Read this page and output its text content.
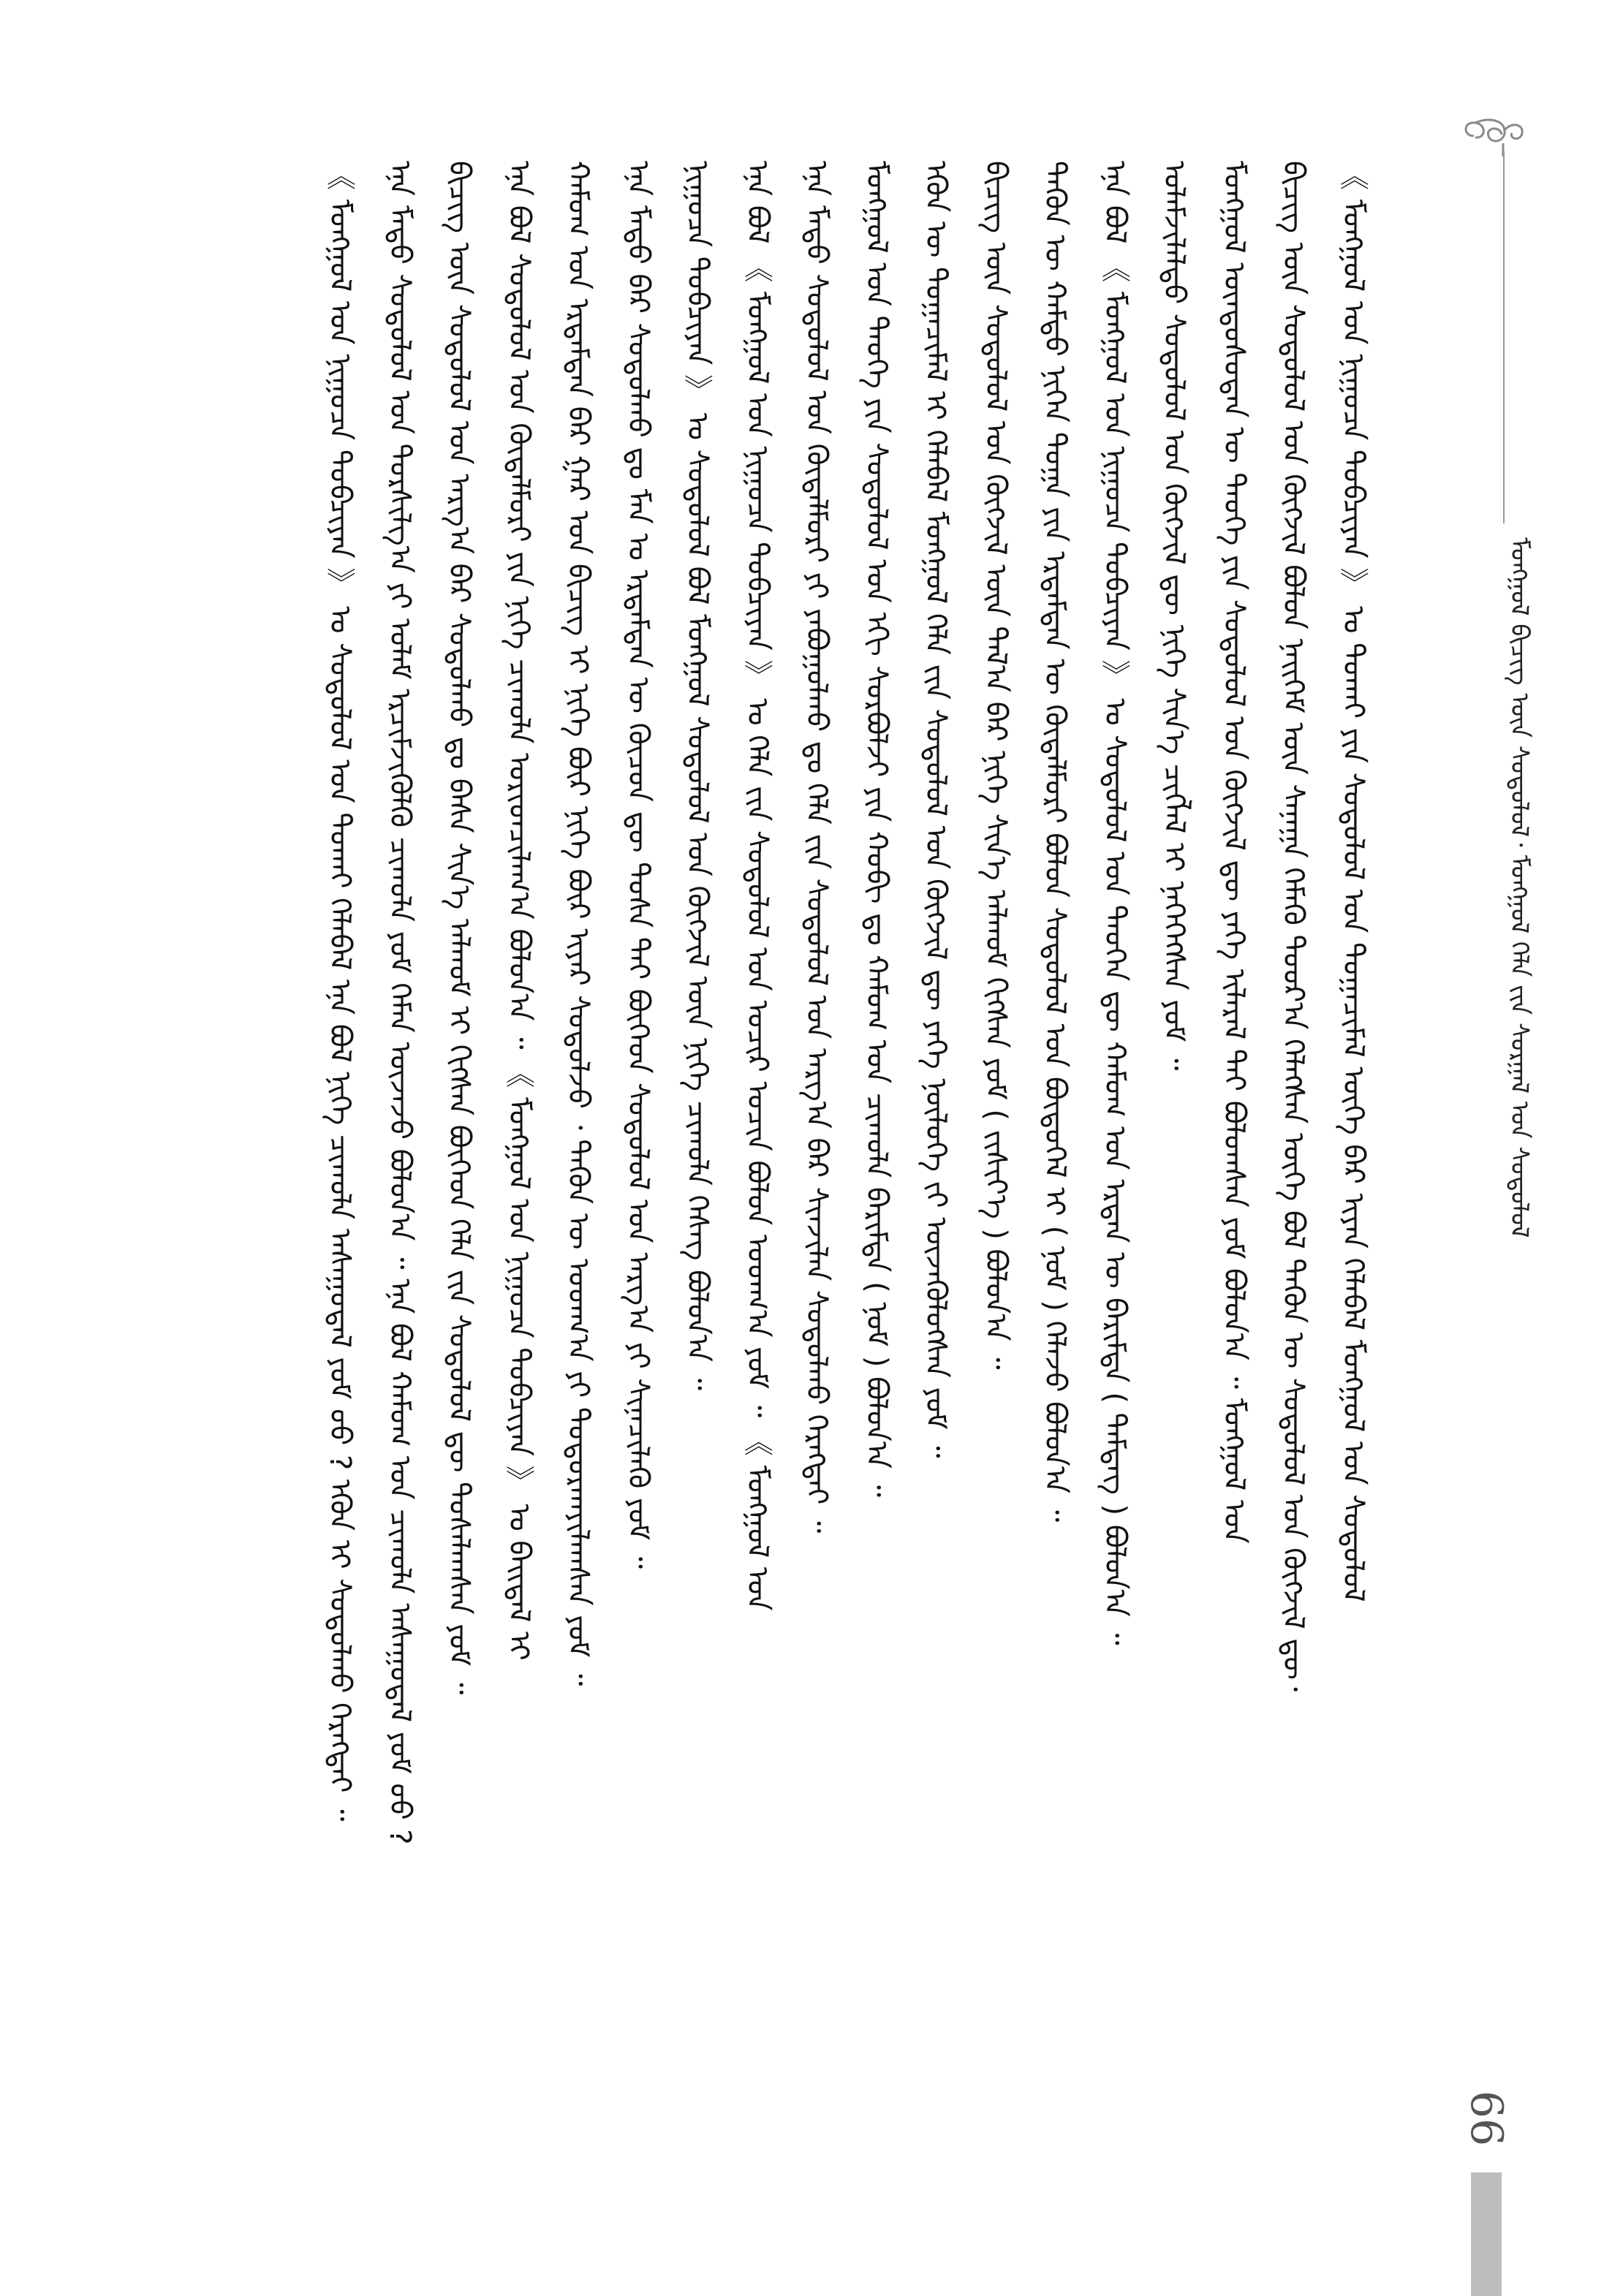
ᠮᠣᠩᠭᠣᠯ ᠪᠢᠴᠢᠭ ᠦᠨ ᠰᠤᠳᠤᠯᠤᠯ᠂ ᠮᠣᠩᠭᠣᠯ ᠬᠡᠯᠡ ᠵᠢᠨ ᠰᠤᠷᠭᠠᠯ ᠤᠨ ᠰᠤᠳᠤᠯᠤᠯ
《 ᠮᠣᠩᠭᠣᠯ ᠤᠨ ᠨᠢᠭᠤᠴᠠ ᠲᠣᠪᠴᠢᠶᠠᠨ 》 ᠤ ᠲᠤᠬᠠᠢ ᠶᠢᠨ ᠰᠤᠳᠤᠯᠤᠯ ᠤᠨ ᠲᠣᠭᠠᠴᠢᠮᠠᠯ ᠦᠭᠡ ᠪᠡᠷ ᠢᠶᠡᠨ ᠬᠡᠯᠡᠪᠡᠯ ᠮᠣᠩᠭᠣᠯ ᠤᠨ ᠰᠤᠳᠤᠯᠤᠯ
ᠪᠢᠴᠢᠭ ᠦᠨ ᠰᠤᠳᠤᠯᠤᠯ ᠤᠨ ᠬᠥᠭᠵᠢᠯ ᠪᠣᠯᠤᠨ ᠨᠡᠢᠭᠡᠮ ᠦᠨ ᠰᠠᠨᠠᠭᠠ ᠬᠡᠮᠡᠬᠦ ᠳᠣᠣᠷ᠎ᠠ ᠬᠡᠯᠡᠭᠰᠡᠨ ᠦᠭᠡ ᠪᠣᠯ ᠲᠡᠭᠦᠨ ᠦ ᠰᠤᠳᠤᠯᠤᠯ ᠤᠨ ᠬᠥᠭᠵᠢᠯ ᠳᠦ᠂
ᠮᠣᠩᠭᠣᠯ ᠦᠨᠳᠦᠰᠦᠲᠡᠨ ᠦ ᠲᠡᠦᠬᠡ ᠶᠢᠨ ᠰᠤᠳᠤᠯᠤᠯ ᠤᠨ ᠬᠥᠭᠵᠢᠯ ᠳᠦ ᠶᠡᠬᠡ ᠢᠯᠡᠷᠡᠯ ᠲᠡᠢ ᠪᠣᠯᠤᠭᠰᠠᠨ ᠶᠤᠮ ᠪᠣᠯᠤᠨ᠎ᠠ ᠃ ᠮᠣᠩᠭᠣᠯ ᠤᠨ
ᠤᠯᠠᠮᠵᠢᠯᠠᠯᠲᠤ ᠰᠤᠳᠤᠯᠤᠯ ᠤᠨ ᠬᠥᠭᠵᠢᠯ ᠳᠦ ᠨᠢᠭᠡ ᠰᠢᠨ᠎ᠡ ᠴᠢᠭᠯᠡᠯ ᠢ ᠨᠡᠭᠡᠭᠡᠭᠰᠡᠨ ᠶᠤᠮ ᠃
ᠡᠨᠡ ᠪᠣᠯ 《 ᠮᠣᠩᠭᠣᠯ ᠤᠨ ᠨᠢᠭᠤᠴᠠ ᠲᠣᠪᠴᠢᠶᠠᠨ 》 ᠤ ᠰᠤᠳᠤᠯᠤᠯ ᠤᠨ ᠲᠡᠦᠬᠡᠨ ᠳᠦ ᠬᠠᠮᠤᠭ ᠤᠨ ᠡᠷᠲᠡᠨ ᠦ ᠪᠠᠷᠢᠮᠲᠠ ( ᠲᠡᠮᠳᠡᠭ ) ᠪᠣᠯᠤᠨ᠎ᠠ ᠃
ᠲᠡᠭᠦᠨ ᠦ ᠬᠠᠮᠲᠤ ᠨᠢᠭᠡᠨ ᠲᠣᠭᠠ ᠶᠢᠨ ᠡᠷᠳᠡᠮᠳᠡᠨ ᠦ ᠬᠥᠳᠡᠯᠮᠦᠷᠢ ᠪᠣᠯᠤᠨ ᠰᠤᠳᠤᠯᠤᠯ ᠤᠨ ᠪᠦᠲᠦᠭᠡᠯ ᠢ ( ᠨᠣᠮ ) ᠬᠡᠯᠡᠵᠦ ᠪᠣᠯᠤᠨ᠎ᠠ ᠃
ᠪᠢᠴᠢᠭ ᠦᠨ ᠰᠤᠳᠤᠯᠤᠯ ᠤᠨ ᠬᠥᠭᠵᠢᠯ ᠦᠨ ᠲᠠᠯ᠎ᠠ ᠪᠠᠷ ᠨᠢᠭᠡ ᠰᠢᠨ᠎ᠡ ᠠᠯᠬᠤᠮ ᠬᠢᠭᠰᠡᠨ ᠶᠤᠮ ( ᠵᠢᠱᠢᠶ᠎ᠡ ) ᠪᠣᠯᠤᠨ᠎ᠠ ᠃
ᠡᠭᠦᠨ ᠦ ᠲᠣᠭᠠᠴᠢᠮᠠᠯ ᠢ ᠬᠡᠯᠡᠪᠡᠯ ᠮᠣᠩᠭᠣᠯ ᠬᠡᠯᠡ ᠵᠢᠨ ᠰᠤᠳᠤᠯᠤᠯ ᠤᠨ ᠬᠥᠭᠵᠢᠯ ᠳᠦ ᠶᠡᠬᠡ ᠨᠥᠯᠦᠭᠡ ᠵᠢ ᠦᠵᠡᠭᠦᠯᠦᠭᠰᠡᠨ ᠶᠤᠮ ᠃
ᠮᠣᠩᠭᠣᠯ ᠤᠨ ᠲᠡᠦᠬᠡ ᠶᠢᠨ ᠰᠤᠳᠤᠯᠤᠯ ᠤᠨ ᠡᠬᠢ ᠰᠤᠷᠪᠤᠯᠵᠢ ᠶᠢᠨ ᠬᠤᠪᠢ ᠳᠤ ᠬᠠᠮᠤᠭ ᠤᠨ ᠴᠢᠬᠤᠯᠠ ᠪᠠᠷᠢᠮᠲᠠ ( ᠨᠣᠮ ) ᠪᠣᠯᠤᠨ᠎ᠠ ᠃
ᠡᠨᠡ ᠮᠡᠲᠦ ᠰᠤᠳᠤᠯᠤᠯ ᠤᠨ ᠬᠥᠳᠡᠯᠮᠦᠷᠢ ᠶᠢ ᠶᠠᠪᠤᠭᠤᠯᠬᠤ ᠳᠤ ᠬᠡᠯᠡ ᠵᠢᠨ ᠰᠤᠳᠤᠯᠤᠯ ᠤᠨ ᠠᠷᠭ᠎ᠠ ᠪᠠᠷ ᠰᠢᠨᠵᠢᠯᠡᠨ ᠰᠤᠳᠤᠯᠬᠤ ᠬᠡᠷᠡᠭᠲᠡᠢ ᠃
ᠡᠨᠡ ᠪᠣᠯ 《 ᠮᠣᠩᠭᠣᠯ ᠤᠨ ᠨᠢᠭᠤᠴᠠ ᠲᠣᠪᠴᠢᠶᠠᠨ 》 ᠤ ᠬᠡᠯᠡ ᠵᠢᠨ ᠰᠤᠳᠤᠯᠤᠯ ᠤᠨ ᠤᠴᠢᠷ ᠤᠴᠢᠨ ᠪᠣᠯᠤᠨ ᠤᠳᠬ᠎ᠠ ᠶᠤᠮ ᠃ 《 ᠮᠣᠩᠭᠣᠯ ᠤᠨ
ᠨᠢᠭᠤᠴᠠ ᠲᠣᠪᠴᠢᠶᠠᠨ 》 ᠤ ᠰᠤᠳᠤᠯᠤᠯ ᠪᠣᠯ ᠮᠣᠩᠭᠣᠯ ᠰᠤᠳᠤᠯᠤᠯ ᠤᠨ ᠬᠥᠭᠵᠢᠯ ᠦᠨ ᠨᠢᠭᠡ ᠴᠢᠬᠤᠯᠠ ᠬᠡᠰᠡᠭ ᠪᠣᠯᠤᠨ᠎ᠠ ᠃
ᠡᠨᠡ ᠮᠡᠲᠦ ᠪᠠᠷ ᠰᠤᠳᠤᠯᠬᠤ ᠳᠤ ᠮᠠᠨ ᠤ ᠡᠷᠳᠡᠮᠲᠡᠨ ᠦ ᠬᠦᠴᠦᠨ ᠳᠦ ᠲᠤᠰᠠ ᠲᠠᠢ ᠪᠥᠭᠡᠳ ᠰᠤᠳᠤᠯᠤᠯ ᠤᠨ ᠠᠷᠭ᠎ᠠ ᠶᠢ ᠰᠢᠨᠡᠴᠢᠯᠡᠬᠦ ᠶᠤᠮ ᠃
ᠬᠠᠮᠤᠭ ᠤᠨ ᠡᠷᠳᠡᠮᠲᠡᠨ ᠪᠠᠷ ᠭᠠᠷ ᠤᠨ ᠪᠢᠴᠢᠭ ᠢ ᠨᠢᠭᠡ ᠪᠦᠷ ᠨᠢᠭᠡ ᠪᠦᠷ ᠢᠶᠡᠷ ᠰᠤᠳᠤᠯᠵᠤ ᠂ ᠲᠡᠭᠦᠨ ᠦ ᠤᠳᠬ᠎ᠠ ᠶᠢ ᠲᠣᠳᠤᠷᠬᠠᠶᠢᠯᠠᠭᠰᠠᠨ ᠶᠤᠮ ᠃
ᠡᠨᠡ ᠪᠣᠯ ᠰᠤᠳᠤᠯᠤᠯ ᠤᠨ ᠬᠥᠳᠡᠯᠮᠦᠷᠢ ᠶᠢᠨ ᠨᠢᠭᠡ ᠴᠢᠬᠤᠯᠠ ᠤᠷᠢᠳᠴᠢᠯᠠᠭ᠎ᠠ ᠪᠣᠯᠤᠨ᠎ᠠ ᠃ 《 ᠮᠣᠩᠭᠣᠯ ᠤᠨ ᠨᠢᠭᠤᠴᠠ ᠲᠣᠪᠴᠢᠶᠠᠨ 》 ᠤ ᠪᠠᠢᠳᠠᠯ ᠢ
ᠪᠢᠴᠢᠭ ᠦᠨ ᠰᠤᠳᠤᠯᠤᠯ ᠤᠨ ᠠᠷᠭ᠎ᠠ ᠪᠠᠷ ᠰᠤᠳᠤᠯᠬᠤ ᠳᠤ ᠪᠠᠰᠠ ᠰᠢᠨ᠎ᠡ ᠠᠯᠬᠤᠮ ᠢ ᠬᠢᠭᠰᠡᠨ ᠪᠦᠭᠡᠳ ᠬᠡᠯᠡ ᠵᠢᠨ ᠰᠤᠳᠤᠯᠤᠯ ᠳᠦ ᠲᠤᠰᠠᠯᠠᠭᠰᠠᠨ ᠶᠤᠮ ᠃
ᠡᠨᠡ ᠮᠡᠲᠦ ᠰᠤᠳᠤᠯᠤᠯ ᠤᠨ ᠲᠤᠷᠰᠢᠯᠭ᠎ᠠ ᠶᠢ ᠤᠯᠠᠮ ᠡᠷᠴᠢᠮᠵᠢᠬᠦᠯᠬᠦ ᠴᠢᠬᠤᠯᠠ ᠶᠤᠮ ᠬᠡᠮᠡᠨ ᠦᠵᠡᠵᠦ ᠪᠣᠯᠤᠨ᠎ᠠ ᠃ ᠡᠨᠡ ᠪᠣᠯ ᠬᠠᠮᠤᠭ ᠤᠨ ᠴᠢᠬᠤᠯᠠ ᠠᠰᠠᠭᠤᠳᠠᠯ ᠶᠤᠮ ᠦᠦ ?
《 ᠮᠣᠩᠭᠣᠯ ᠤᠨ ᠨᠢᠭᠤᠴᠠ ᠲᠣᠪᠴᠢᠶᠠᠨ 》 ᠤ ᠰᠤᠳᠤᠯᠤᠯ ᠤᠨ ᠲᠤᠬᠠᠢ ᠬᠡᠯᠡᠪᠡᠯ ᠡᠨᠡ ᠪᠣᠯ ᠨᠢᠭᠡ ᠴᠢᠬᠤᠯᠠ ᠠᠰᠠᠭᠤᠳᠠᠯ ᠶᠤᠮ ᠦᠦ ? ᠡᠭᠦᠨ ᠢ ᠰᠤᠳᠤᠯᠬᠤ ᠬᠡᠷᠡᠭᠲᠡᠢ ᠃
66
